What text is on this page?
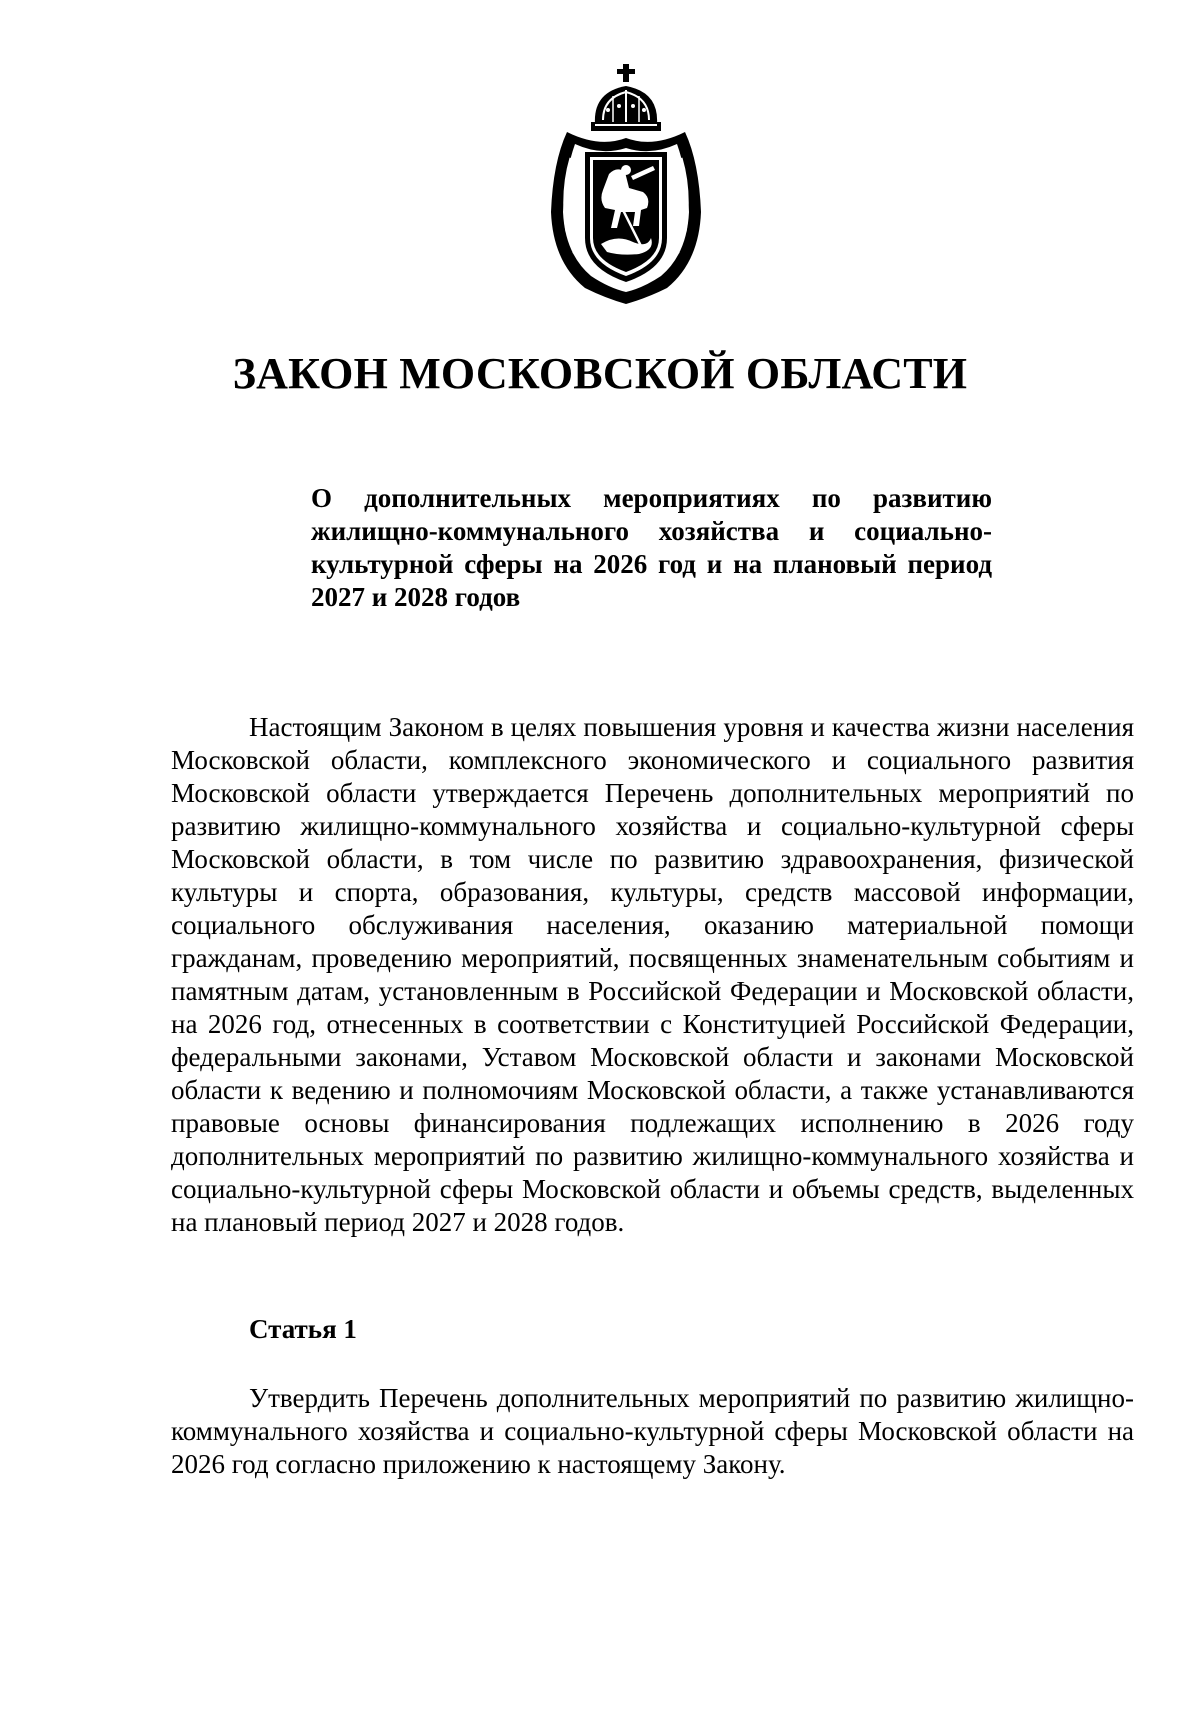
ЗАКОН МОСКОВСКОЙ ОБЛАСТИ
О дополнительных мероприятиях по развитию жилищно-коммунального хозяйства и социально-культурной сферы на 2026 год и на плановый период 2027 и 2028 годов

Настоящим Законом в целях повышения уровня и качества жизни населения Московской области, комплексного экономического и социального развития Московской области утверждается Перечень дополнительных мероприятий по развитию жилищно-коммунального хозяйства и социально-культурной сферы Московской области, в том числе по развитию здравоохранения, физической культуры и спорта, образования, культуры, средств массовой информации, социального обслуживания населения, оказанию материальной помощи гражданам, проведению мероприятий, посвященных знаменательным событиям и памятным датам, установленным в Российской Федерации и Московской области, на 2026 год, отнесенных в соответствии с Конституцией Российской Федерации, федеральными законами, Уставом Московской области и законами Московской области к ведению и полномочиям Московской области, а также устанавливаются правовые основы финансирования подлежащих исполнению в 2026 году дополнительных мероприятий по развитию жилищно-коммунального хозяйства и социально-культурной сферы Московской области и объемы средств, выделенных на плановый период 2027 и 2028 годов.

Статья 1

Утвердить Перечень дополнительных мероприятий по развитию жилищно-коммунального хозяйства и социально-культурной сферы Московской области на 2026 год согласно приложению к настоящему Закону.
